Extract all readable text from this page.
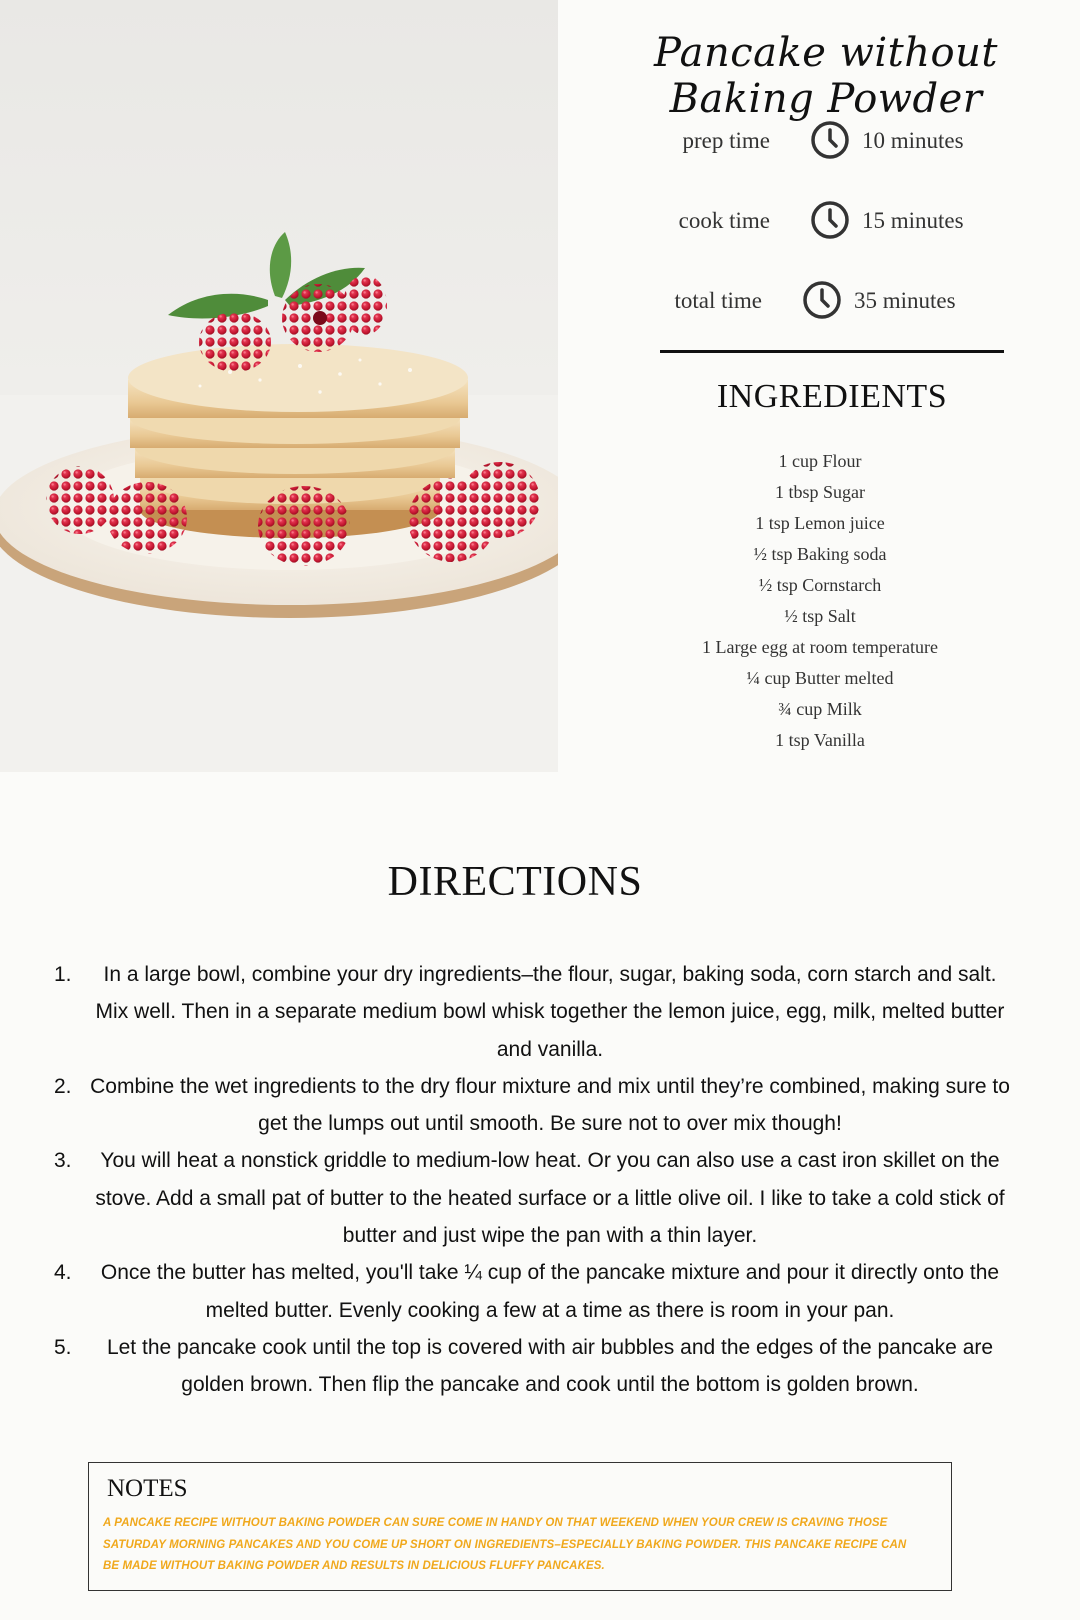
Pancake without Baking Powder
prep time	10 minutes
cook time	15 minutes
total time	35 minutes
INGREDIENTS
1 cup Flour
1 tbsp Sugar
1 tsp Lemon juice
½ tsp Baking soda
½ tsp Cornstarch
½ tsp Salt
1 Large egg at room temperature
¼ cup Butter melted
¾ cup Milk
1 tsp Vanilla
DIRECTIONS
1. In a large bowl, combine your dry ingredients–the flour, sugar, baking soda, corn starch and salt. Mix well. Then in a separate medium bowl whisk together the lemon juice, egg, milk, melted butter and vanilla.
2. Combine the wet ingredients to the dry flour mixture and mix until they’re combined, making sure to get the lumps out until smooth. Be sure not to over mix though!
3. You will heat a nonstick griddle to medium-low heat. Or you can also use a cast iron skillet on the stove. Add a small pat of butter to the heated surface or a little olive oil. I like to take a cold stick of butter and just wipe the pan with a thin layer.
4. Once the butter has melted, you'll take ¼ cup of the pancake mixture and pour it directly onto the melted butter. Evenly cooking a few at a time as there is room in your pan.
5. Let the pancake cook until the top is covered with air bubbles and the edges of the pancake are golden brown. Then flip the pancake and cook until the bottom is golden brown.
NOTES
A PANCAKE RECIPE WITHOUT BAKING POWDER CAN SURE COME IN HANDY ON THAT WEEKEND WHEN YOUR CREW IS CRAVING THOSE SATURDAY MORNING PANCAKES AND YOU COME UP SHORT ON INGREDIENTS–ESPECIALLY BAKING POWDER. THIS PANCAKE RECIPE CAN BE MADE WITHOUT BAKING POWDER AND RESULTS IN DELICIOUS FLUFFY PANCAKES.
